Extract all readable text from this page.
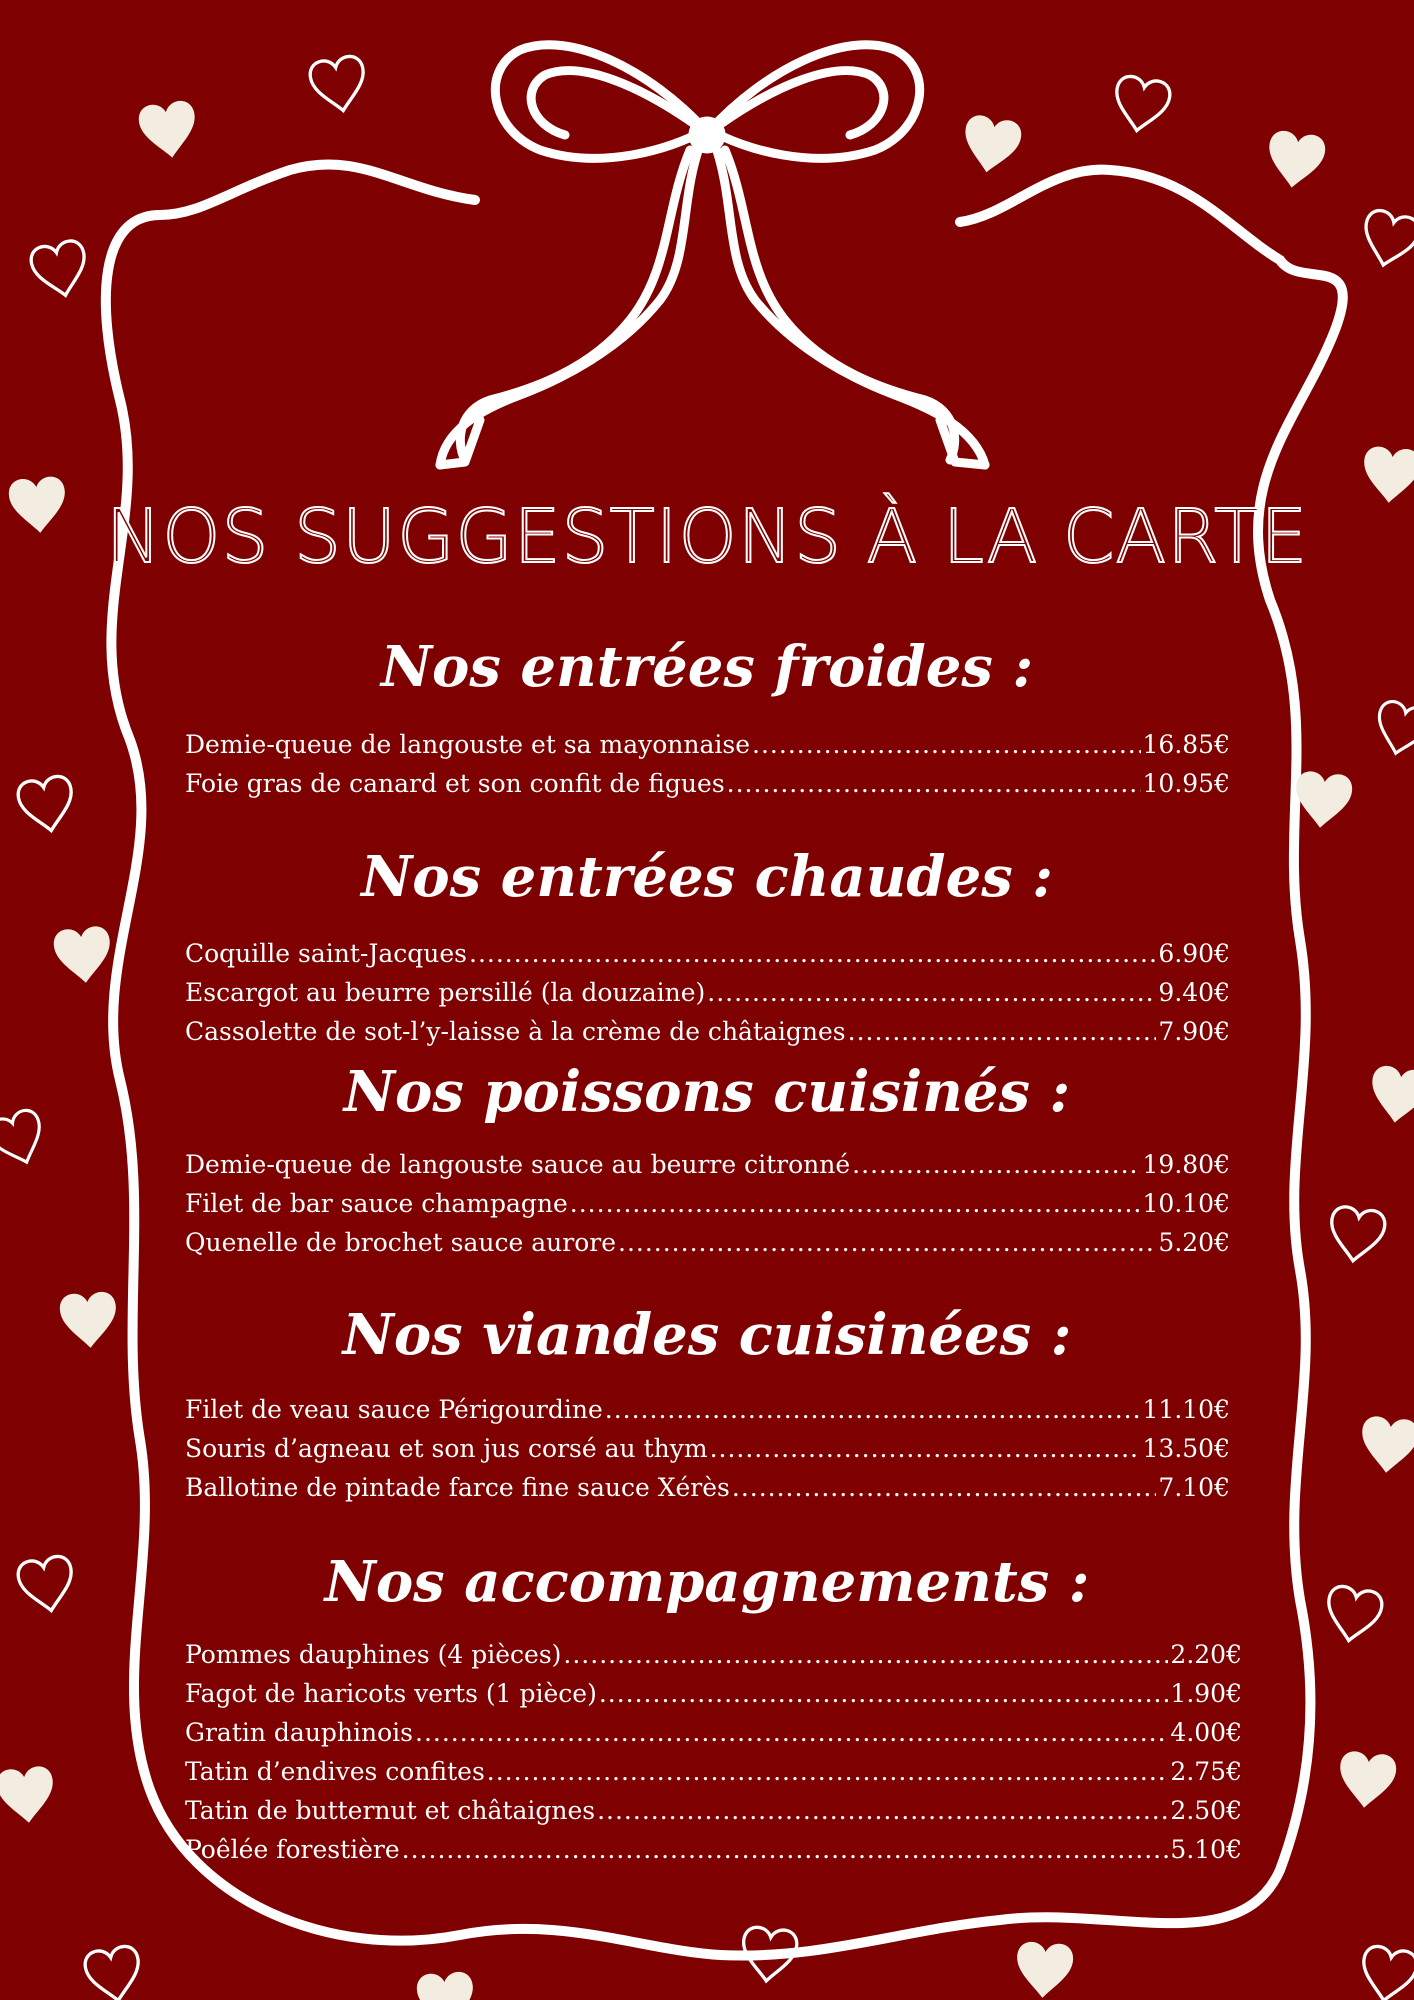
NOS SUGGESTIONS À LA CARTE
Nos entrées froides :
Demie-queue de langouste et sa mayonnaise .....	16.85€
Foie gras de canard et son confit de figues .....	10.95€
Nos entrées chaudes :
Coquille saint-Jacques .....	6.90€
Escargot au beurre persillé (la douzaine) .....	9.40€
Cassolette de sot-l’y-laisse à la crème de châtaignes .....	7.90€
Nos poissons cuisinés :
Demie-queue de langouste sauce au beurre citronné .....	19.80€
Filet de bar sauce champagne .....	10.10€
Quenelle de brochet sauce aurore .....	5.20€
Nos viandes cuisinées :
Filet de veau sauce Périgourdine .....	11.10€
Souris d’agneau et son jus corsé au thym .....	13.50€
Ballotine de pintade farce fine sauce Xérès .....	7.10€
Nos accompagnements :
Pommes dauphines (4 pièces) .....	2.20€
Fagot de haricots verts (1 pièce) .....	1.90€
Gratin dauphinois .....	4.00€
Tatin d’endives confites .....	2.75€
Tatin de butternut et châtaignes .....	2.50€
Poêlée forestière .....	5.10€
